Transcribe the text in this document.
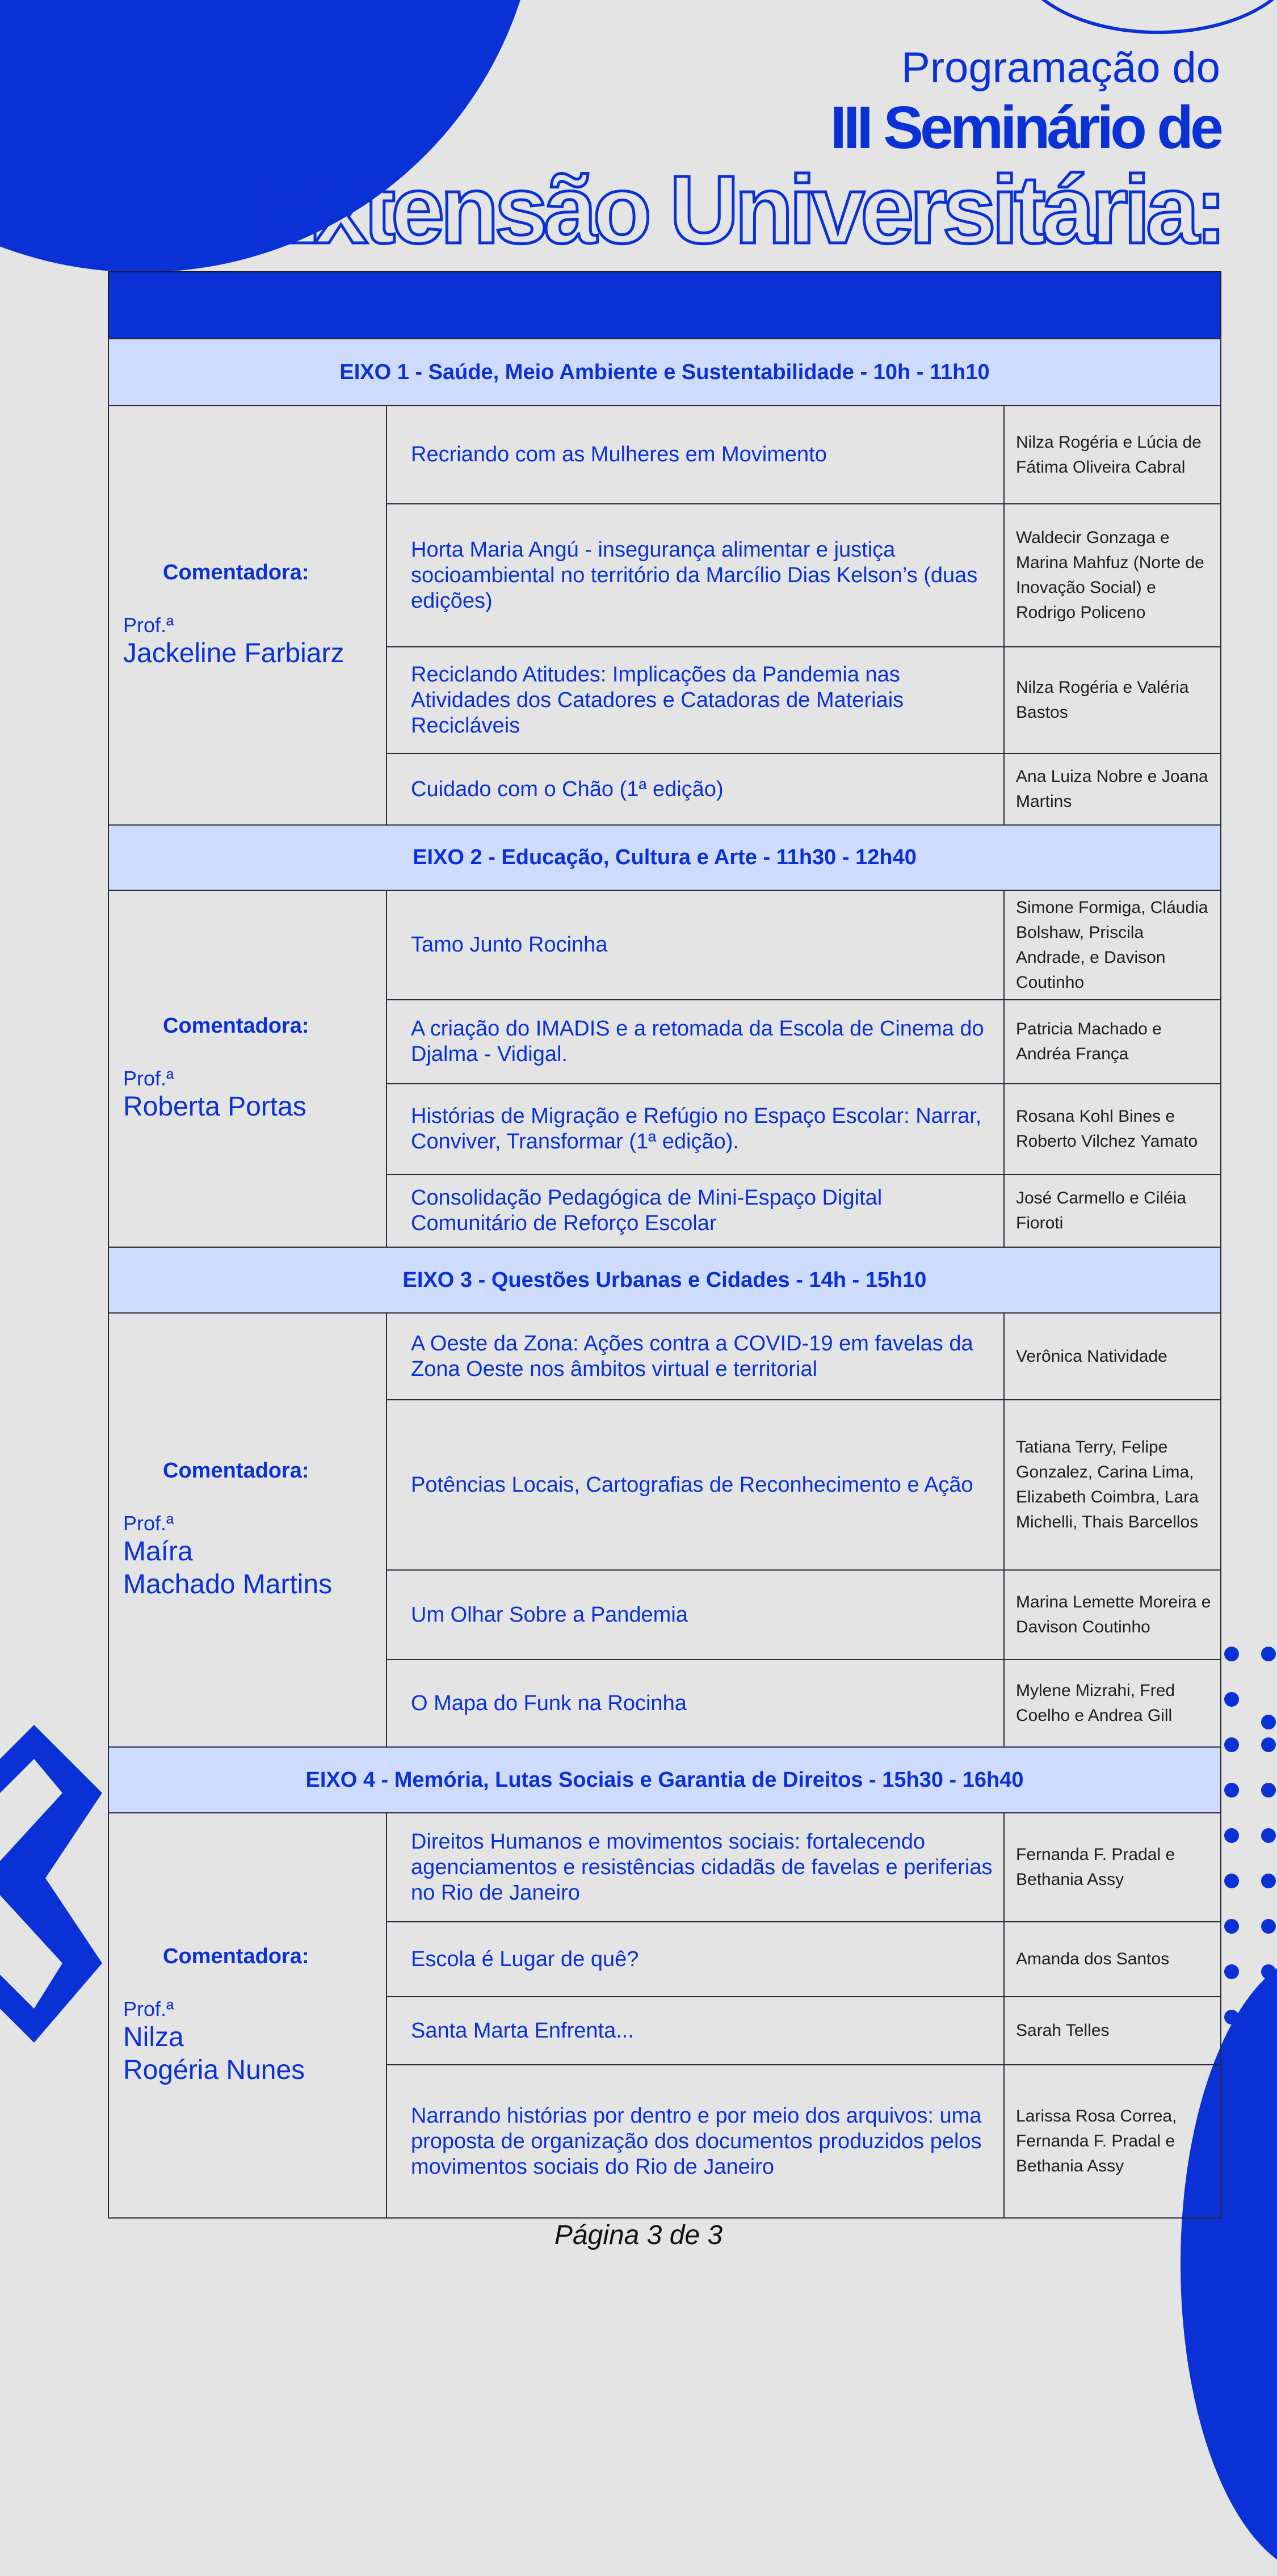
Programação do
III Seminário de
Extensão Universitária:
EIXO 1 - Saúde, Meio Ambiente e Sustentabilidade - 10h - 11h10
Comentadora:
Prof.ª
Jackeline Farbiarz
Recriando com as Mulheres em Movimento
Nilza Rogéria e Lúcia de Fátima Oliveira Cabral
Horta Maria Angú - insegurança alimentar e justiça socioambiental no território da Marcílio Dias Kelson’s (duas edições)
Waldecir Gonzaga e Marina Mahfuz (Norte de Inovação Social) e Rodrigo Policeno
Reciclando Atitudes: Implicações da Pandemia nas Atividades dos Catadores e Catadoras de Materiais Recicláveis
Nilza Rogéria e Valéria Bastos
Cuidado com o Chão (1ª edição)
Ana Luiza Nobre e Joana Martins
EIXO 2 - Educação, Cultura e Arte - 11h30 - 12h40
Comentadora:
Prof.ª
Roberta Portas
Tamo Junto Rocinha
Simone Formiga, Cláudia Bolshaw, Priscila Andrade, e Davison Coutinho
A criação do IMADIS e a retomada da Escola de Cinema do Djalma - Vidigal.
Patricia Machado e Andréa França
Histórias de Migração e Refúgio no Espaço Escolar: Narrar, Conviver, Transformar (1ª edição).
Rosana Kohl Bines e Roberto Vilchez Yamato
Consolidação Pedagógica de Mini-Espaço Digital Comunitário de Reforço Escolar
José Carmello e Ciléia Fioroti
EIXO 3 - Questões Urbanas e Cidades - 14h - 15h10
Comentadora:
Prof.ª
Maíra
Machado Martins
A Oeste da Zona: Ações contra a COVID-19 em favelas da Zona Oeste nos âmbitos virtual e territorial
Verônica Natividade
Potências Locais, Cartografias de Reconhecimento e Ação
Tatiana Terry, Felipe Gonzalez, Carina Lima, Elizabeth Coimbra, Lara Michelli, Thais Barcellos
Um Olhar Sobre a Pandemia
Marina Lemette Moreira e Davison Coutinho
O Mapa do Funk na Rocinha
Mylene Mizrahi, Fred Coelho e Andrea Gill
EIXO 4 - Memória, Lutas Sociais e Garantia de Direitos - 15h30 - 16h40
Comentadora:
Prof.ª
Nilza
Rogéria Nunes
Direitos Humanos e movimentos sociais: fortalecendo agenciamentos e resistências cidadãs de favelas e periferias no Rio de Janeiro
Fernanda F. Pradal e Bethania Assy
Escola é Lugar de quê?	Amanda dos Santos
Santa Marta Enfrenta...	Sarah Telles
Narrando histórias por dentro e por meio dos arquivos: uma proposta de organização dos documentos produzidos pelos movimentos sociais do Rio de Janeiro
Larissa Rosa Correa, Fernanda F. Pradal e Bethania Assy
Página 3 de 3
